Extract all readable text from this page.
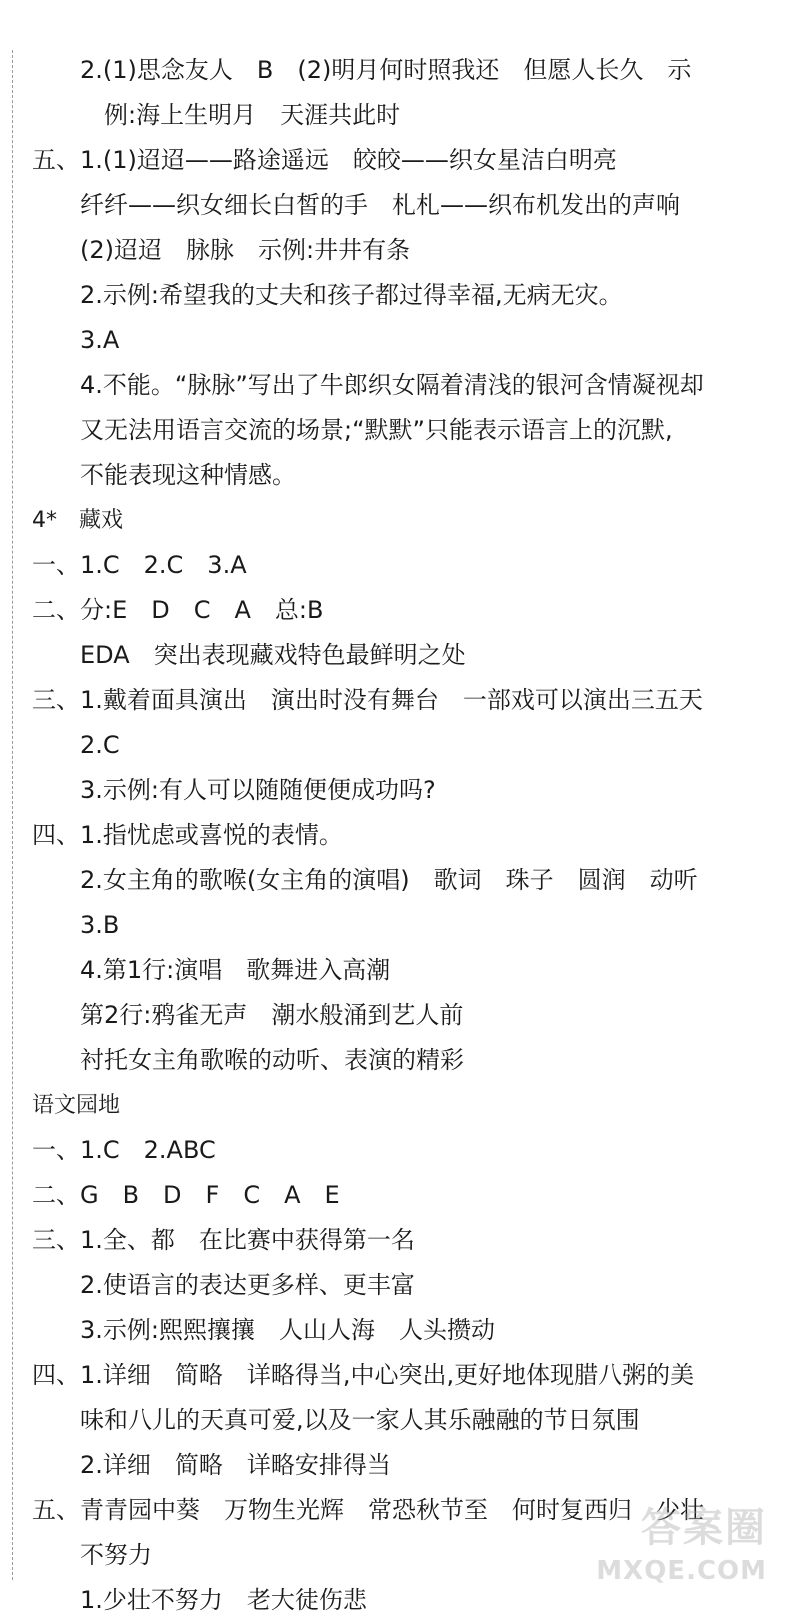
2.(1)思念友人　B　(2)明月何时照我还　但愿人长久　示
例:海上生明月　天涯共此时
五、1.(1)迢迢——路途遥远　皎皎——织女星洁白明亮
纤纤——织女细长白皙的手　札札——织布机发出的声响
(2)迢迢　脉脉　示例:井井有条
2.示例:希望我的丈夫和孩子都过得幸福,无病无灾。
3.A
4.不能。“脉脉”写出了牛郎织女隔着清浅的银河含情凝视却
又无法用语言交流的场景;“默默”只能表示语言上的沉默,
不能表现这种情感。
4*　藏戏
一、1.C　2.C　3.A
二、分:E　D　C　A　总:B
EDA　突出表现藏戏特色最鲜明之处
三、1.戴着面具演出　演出时没有舞台　一部戏可以演出三五天
2.C
3.示例:有人可以随随便便成功吗?
四、1.指忧虑或喜悦的表情。
2.女主角的歌喉(女主角的演唱)　歌词　珠子　圆润　动听
3.B
4.第1行:演唱　歌舞进入高潮
第2行:鸦雀无声　潮水般涌到艺人前
衬托女主角歌喉的动听、表演的精彩
语文园地
一、1.C　2.ABC
二、G　B　D　F　C　A　E
三、1.全、都　在比赛中获得第一名
2.使语言的表达更多样、更丰富
3.示例:熙熙攘攘　人山人海　人头攒动
四、1.详细　简略　详略得当,中心突出,更好地体现腊八粥的美
味和八儿的天真可爱,以及一家人其乐融融的节日氛围
2.详细　简略　详略安排得当
五、青青园中葵　万物生光辉　常恐秋节至　何时复西归　少壮
不努力
1.少壮不努力　老大徒伤悲
答案圈
MXQE.COM
